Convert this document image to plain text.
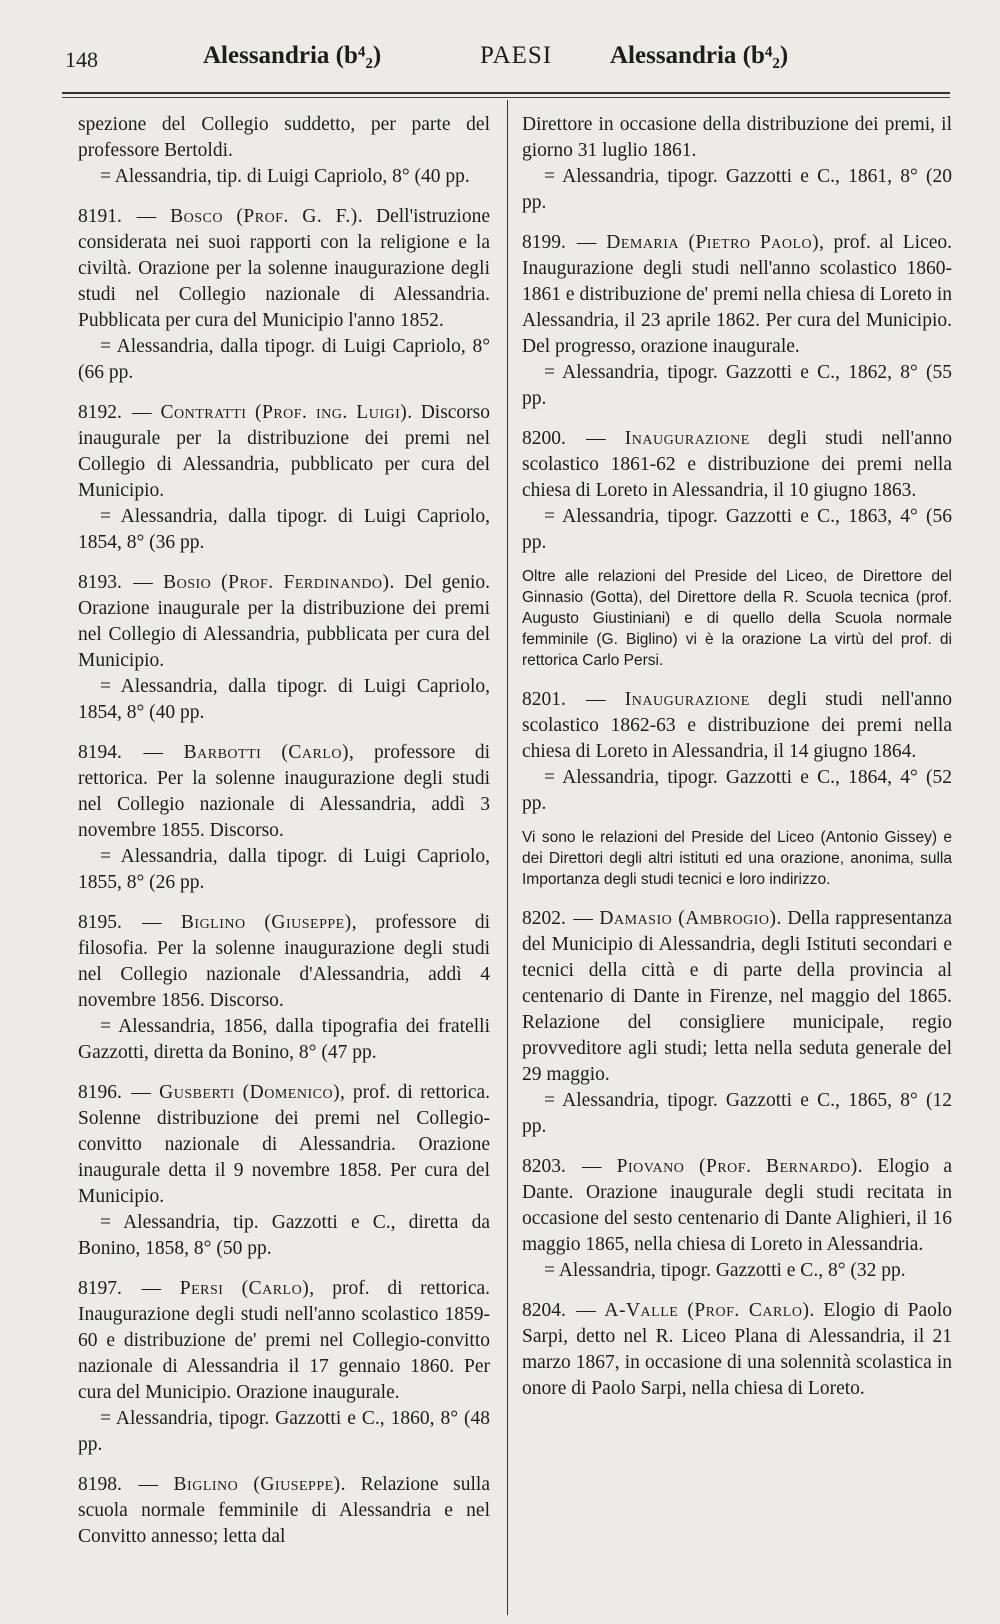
148	Alessandria (b⁴₂)	PAESI Alessandria (b⁴₂)
spezione del Collegio suddetto, per parte del professore Bertoldi.
= Alessandria, tip. di Luigi Capriolo, 8° (40 pp.
8191. — Bosco (Prof. G. F.). Dell'istruzione considerata nei suoi rapporti con la religione e la civiltà. Orazione per la solenne inaugurazione degli studi nel Collegio nazionale di Alessandria. Pubblicata per cura del Municipio l'anno 1852.
= Alessandria, dalla tipogr. di Luigi Capriolo, 8° (66 pp.
8192. — Contratti (Prof. ing. Luigi). Discorso inaugurale per la distribuzione dei premi nel Collegio di Alessandria, pubblicato per cura del Municipio.
= Alessandria, dalla tipogr. di Luigi Capriolo, 1854, 8° (36 pp.
8193. — Bosio (Prof. Ferdinando). Del genio. Orazione inaugurale per la distribuzione dei premi nel Collegio di Alessandria, pubblicata per cura del Municipio.
= Alessandria, dalla tipogr. di Luigi Capriolo, 1854, 8° (40 pp.
8194. — Barbotti (Carlo), professore di rettorica. Per la solenne inaugurazione degli studi nel Collegio nazionale di Alessandria, addì 3 novembre 1855. Discorso.
= Alessandria, dalla tipogr. di Luigi Capriolo, 1855, 8° (26 pp.
8195. — Biglino (Giuseppe), professore di filosofia. Per la solenne inaugurazione degli studi nel Collegio nazionale d'Alessandria, addì 4 novembre 1856. Discorso.
= Alessandria, 1856, dalla tipografia dei fratelli Gazzotti, diretta da Bonino, 8° (47 pp.
8196. — Gusberti (Domenico), prof. di rettorica. Solenne distribuzione dei premi nel Collegio-convitto nazionale di Alessandria. Orazione inaugurale detta il 9 novembre 1858. Per cura del Municipio.
= Alessandria, tip. Gazzotti e C., diretta da Bonino, 1858, 8° (50 pp.
8197. — Persi (Carlo), prof. di rettorica. Inaugurazione degli studi nell'anno scolastico 1859-60 e distribuzione de' premi nel Collegio-convitto nazionale di Alessandria il 17 gennaio 1860. Per cura del Municipio. Orazione inaugurale.
= Alessandria, tipogr. Gazzotti e C., 1860, 8° (48 pp.
8198. — Biglino (Giuseppe). Relazione sulla scuola normale femminile di Alessandria e nel Convitto annesso; letta dal
Direttore in occasione della distribuzione dei premi, il giorno 31 luglio 1861.
= Alessandria, tipogr. Gazzotti e C., 1861, 8° (20 pp.
8199. — Demaria (Pietro Paolo), prof. al Liceo. Inaugurazione degli studi nell'anno scolastico 1860-1861 e distribuzione de' premi nella chiesa di Loreto in Alessandria, il 23 aprile 1862. Per cura del Municipio. Del progresso, orazione inaugurale.
= Alessandria, tipogr. Gazzotti e C., 1862, 8° (55 pp.
8200. — Inaugurazione degli studi nell'anno scolastico 1861-62 e distribuzione dei premi nella chiesa di Loreto in Alessandria, il 10 giugno 1863.
= Alessandria, tipogr. Gazzotti e C., 1863, 4° (56 pp.
Oltre alle relazioni del Preside del Liceo, de Direttore del Ginnasio (Gotta), del Direttore della R. Scuola tecnica (prof. Augusto Giustiniani) e di quello della Scuola normale femminile (G. Biglino) vi è la orazione La virtù del prof. di rettorica Carlo Persi.
8201. — Inaugurazione degli studi nell'anno scolastico 1862-63 e distribuzione dei premi nella chiesa di Loreto in Alessandria, il 14 giugno 1864.
= Alessandria, tipogr. Gazzotti e C., 1864, 4° (52 pp.
Vi sono le relazioni del Preside del Liceo (Antonio Gissey) e dei Direttori degli altri istituti ed una orazione, anonima, sulla Importanza degli studi tecnici e loro indirizzo.
8202. — Damasio (Ambrogio). Della rappresentanza del Municipio di Alessandria, degli Istituti secondari e tecnici della città e di parte della provincia al centenario di Dante in Firenze, nel maggio del 1865. Relazione del consigliere municipale, regio provveditore agli studi; letta nella seduta generale del 29 maggio.
= Alessandria, tipogr. Gazzotti e C., 1865, 8° (12 pp.
8203. — Piovano (Prof. Bernardo). Elogio a Dante. Orazione inaugurale degli studi recitata in occasione del sesto centenario di Dante Alighieri, il 16 maggio 1865, nella chiesa di Loreto in Alessandria.
= Alessandria, tipogr. Gazzotti e C., 8° (32 pp.
8204. — A-Valle (Prof. Carlo). Elogio di Paolo Sarpi, detto nel R. Liceo Plana di Alessandria, il 21 marzo 1867, in occasione di una solennità scolastica in onore di Paolo Sarpi, nella chiesa di Loreto.
